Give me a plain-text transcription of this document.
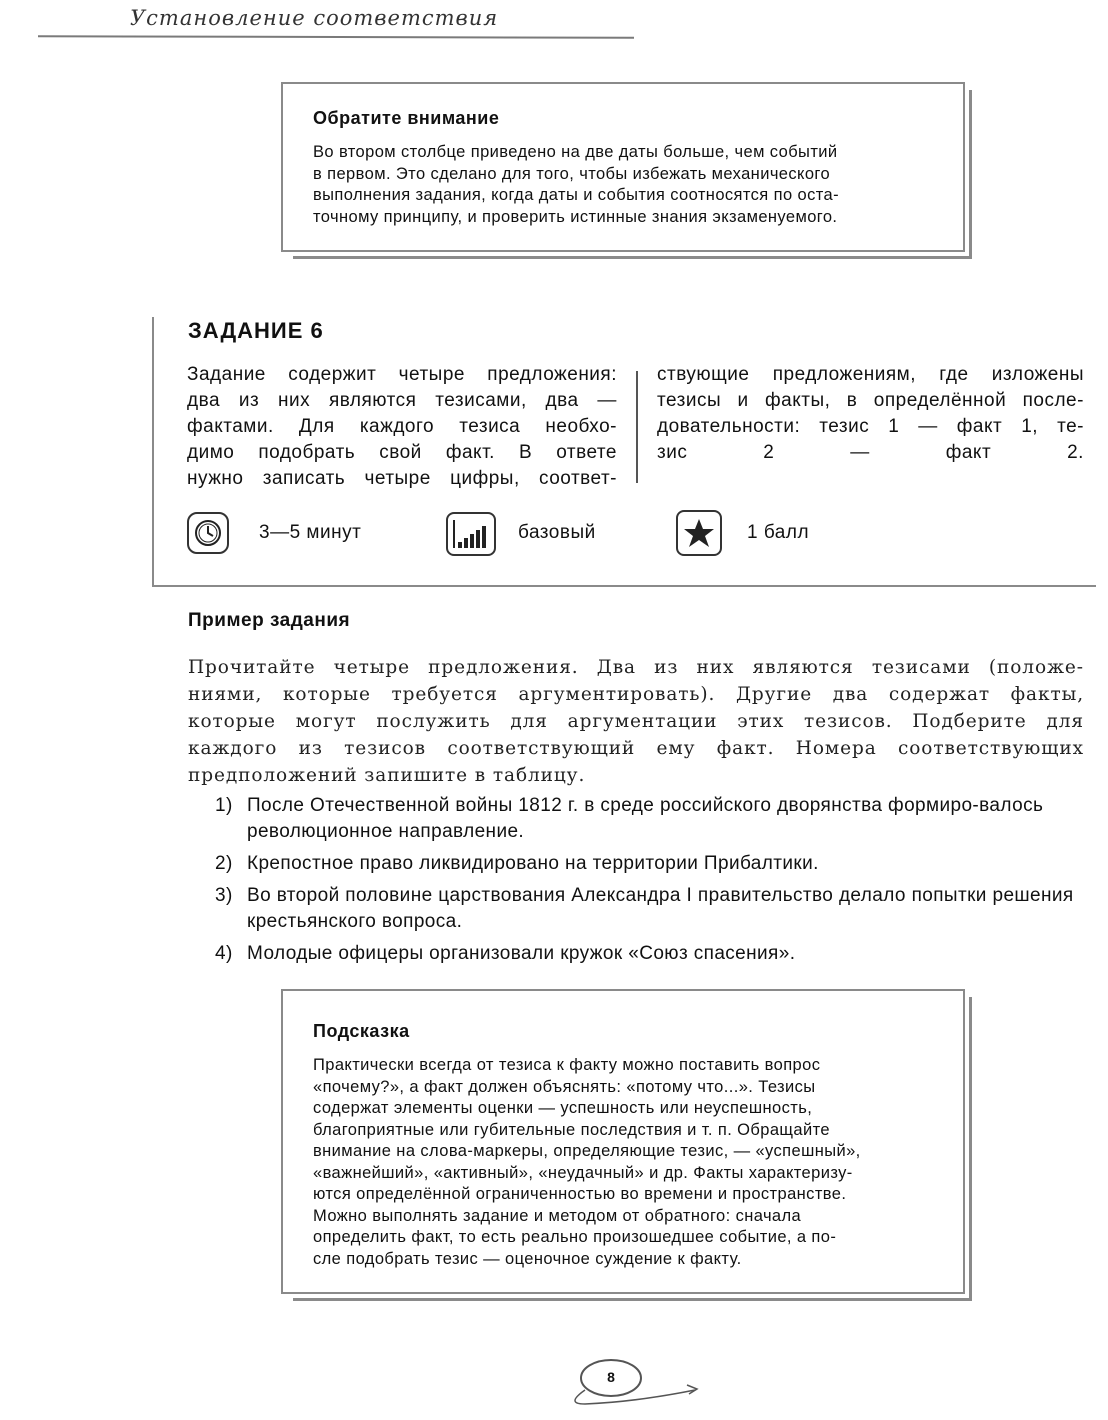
Установление соответствия
Обратите внимание
Во втором столбце приведено на две даты больше, чем событий
в первом. Это сделано для того, чтобы избежать механического
выполнения задания, когда даты и события соотносятся по оста-
точному принципу, и проверить истинные знания экзаменуемого.
ЗАДАНИЕ 6
Задание содержит четыре предложения:
два из них являются тезисами, два —
фактами. Для каждого тезиса необхо-
димо подобрать свой факт. В ответе
нужно записать четыре цифры, соответ-
ствующие предложениям, где изложены
тезисы и факты, в определённой после-
довательности: тезис 1 — факт 1, те-
зис	2	—	факт	2.
3—5 минут	базовый	1 балл
Пример задания
Прочитайте четыре предложения. Два из них являются тезисами (положе-
ниями, которые требуется аргументировать). Другие два содержат факты,
которые могут послужить для аргументации этих тезисов. Подберите для
каждого из тезисов соответствующий ему факт. Номера соответствующих
предположений запишите в таблицу.
1) После Отечественной войны 1812 г. в среде российского дворянства формиро-валось революционное направление.
2) Крепостное право ликвидировано на территории Прибалтики.
3) Во второй половине царствования Александра I правительство делало попытки решения крестьянского вопроса.
4) Молодые офицеры организовали кружок «Союз спасения».
Подсказка
Практически всегда от тезиса к факту можно поставить вопрос
«почему?», а факт должен объяснять: «потому что...». Тезисы
содержат элементы оценки — успешность или неуспешность,
благоприятные или губительные последствия и т. п. Обращайте
внимание на слова-маркеры, определяющие тезис, — «успешный»,
«важнейший», «активный», «неудачный» и др. Факты характеризу-
ются определённой ограниченностью во времени и пространстве.
Можно выполнять задание и методом от обратного: сначала
определить факт, то есть реально произошедшее событие, а по-
сле подобрать тезис — оценочное суждение к факту.
8
